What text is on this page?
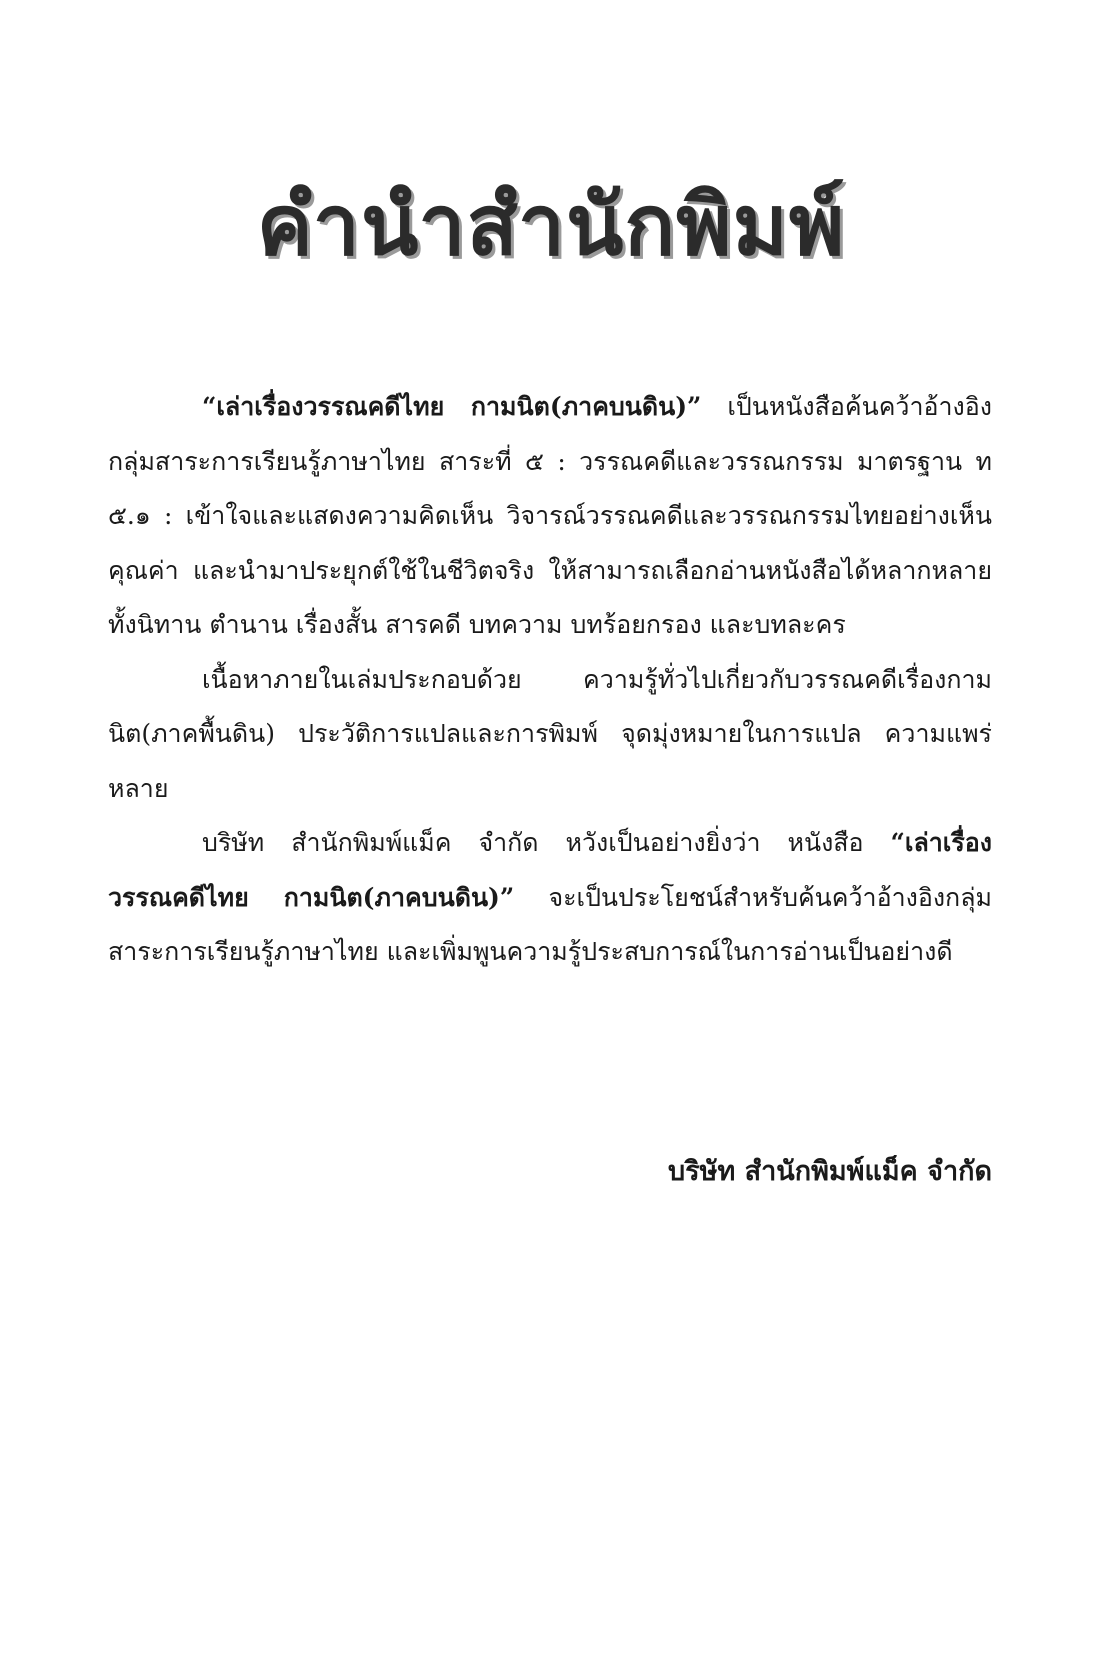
คำนำสำนักพิมพ์

“เล่าเรื่องวรรณคดีไทย กามนิต(ภาคบนดิน)” เป็นหนังสือค้นคว้าอ้างอิงกลุ่มสาระการเรียนรู้ภาษาไทย สาระที่ ๕ : วรรณคดีและวรรณกรรม มาตรฐาน ท ๕.๑ : เข้าใจและแสดงความคิดเห็น วิจารณ์วรรณคดีและวรรณกรรมไทยอย่างเห็นคุณค่า และนำมาประยุกต์ใช้ในชีวิตจริง ให้สามารถเลือกอ่านหนังสือได้หลากหลาย ทั้งนิทาน ตำนาน เรื่องสั้น สารคดี บทความ บทร้อยกรอง และบทละคร

เนื้อหาภายในเล่มประกอบด้วย ความรู้ทั่วไปเกี่ยวกับวรรณคดีเรื่องกามนิต(ภาคพื้นดิน) ประวัติการแปลและการพิมพ์ จุดมุ่งหมายในการแปล ความแพร่หลาย

บริษัท สำนักพิมพ์แม็ค จำกัด หวังเป็นอย่างยิ่งว่า หนังสือ “เล่าเรื่องวรรณคดีไทย กามนิต(ภาคบนดิน)” จะเป็นประโยชน์สำหรับค้นคว้าอ้างอิงกลุ่มสาระการเรียนรู้ภาษาไทย และเพิ่มพูนความรู้ประสบการณ์ในการอ่านเป็นอย่างดี

บริษัท สำนักพิมพ์แม็ค จำกัด
